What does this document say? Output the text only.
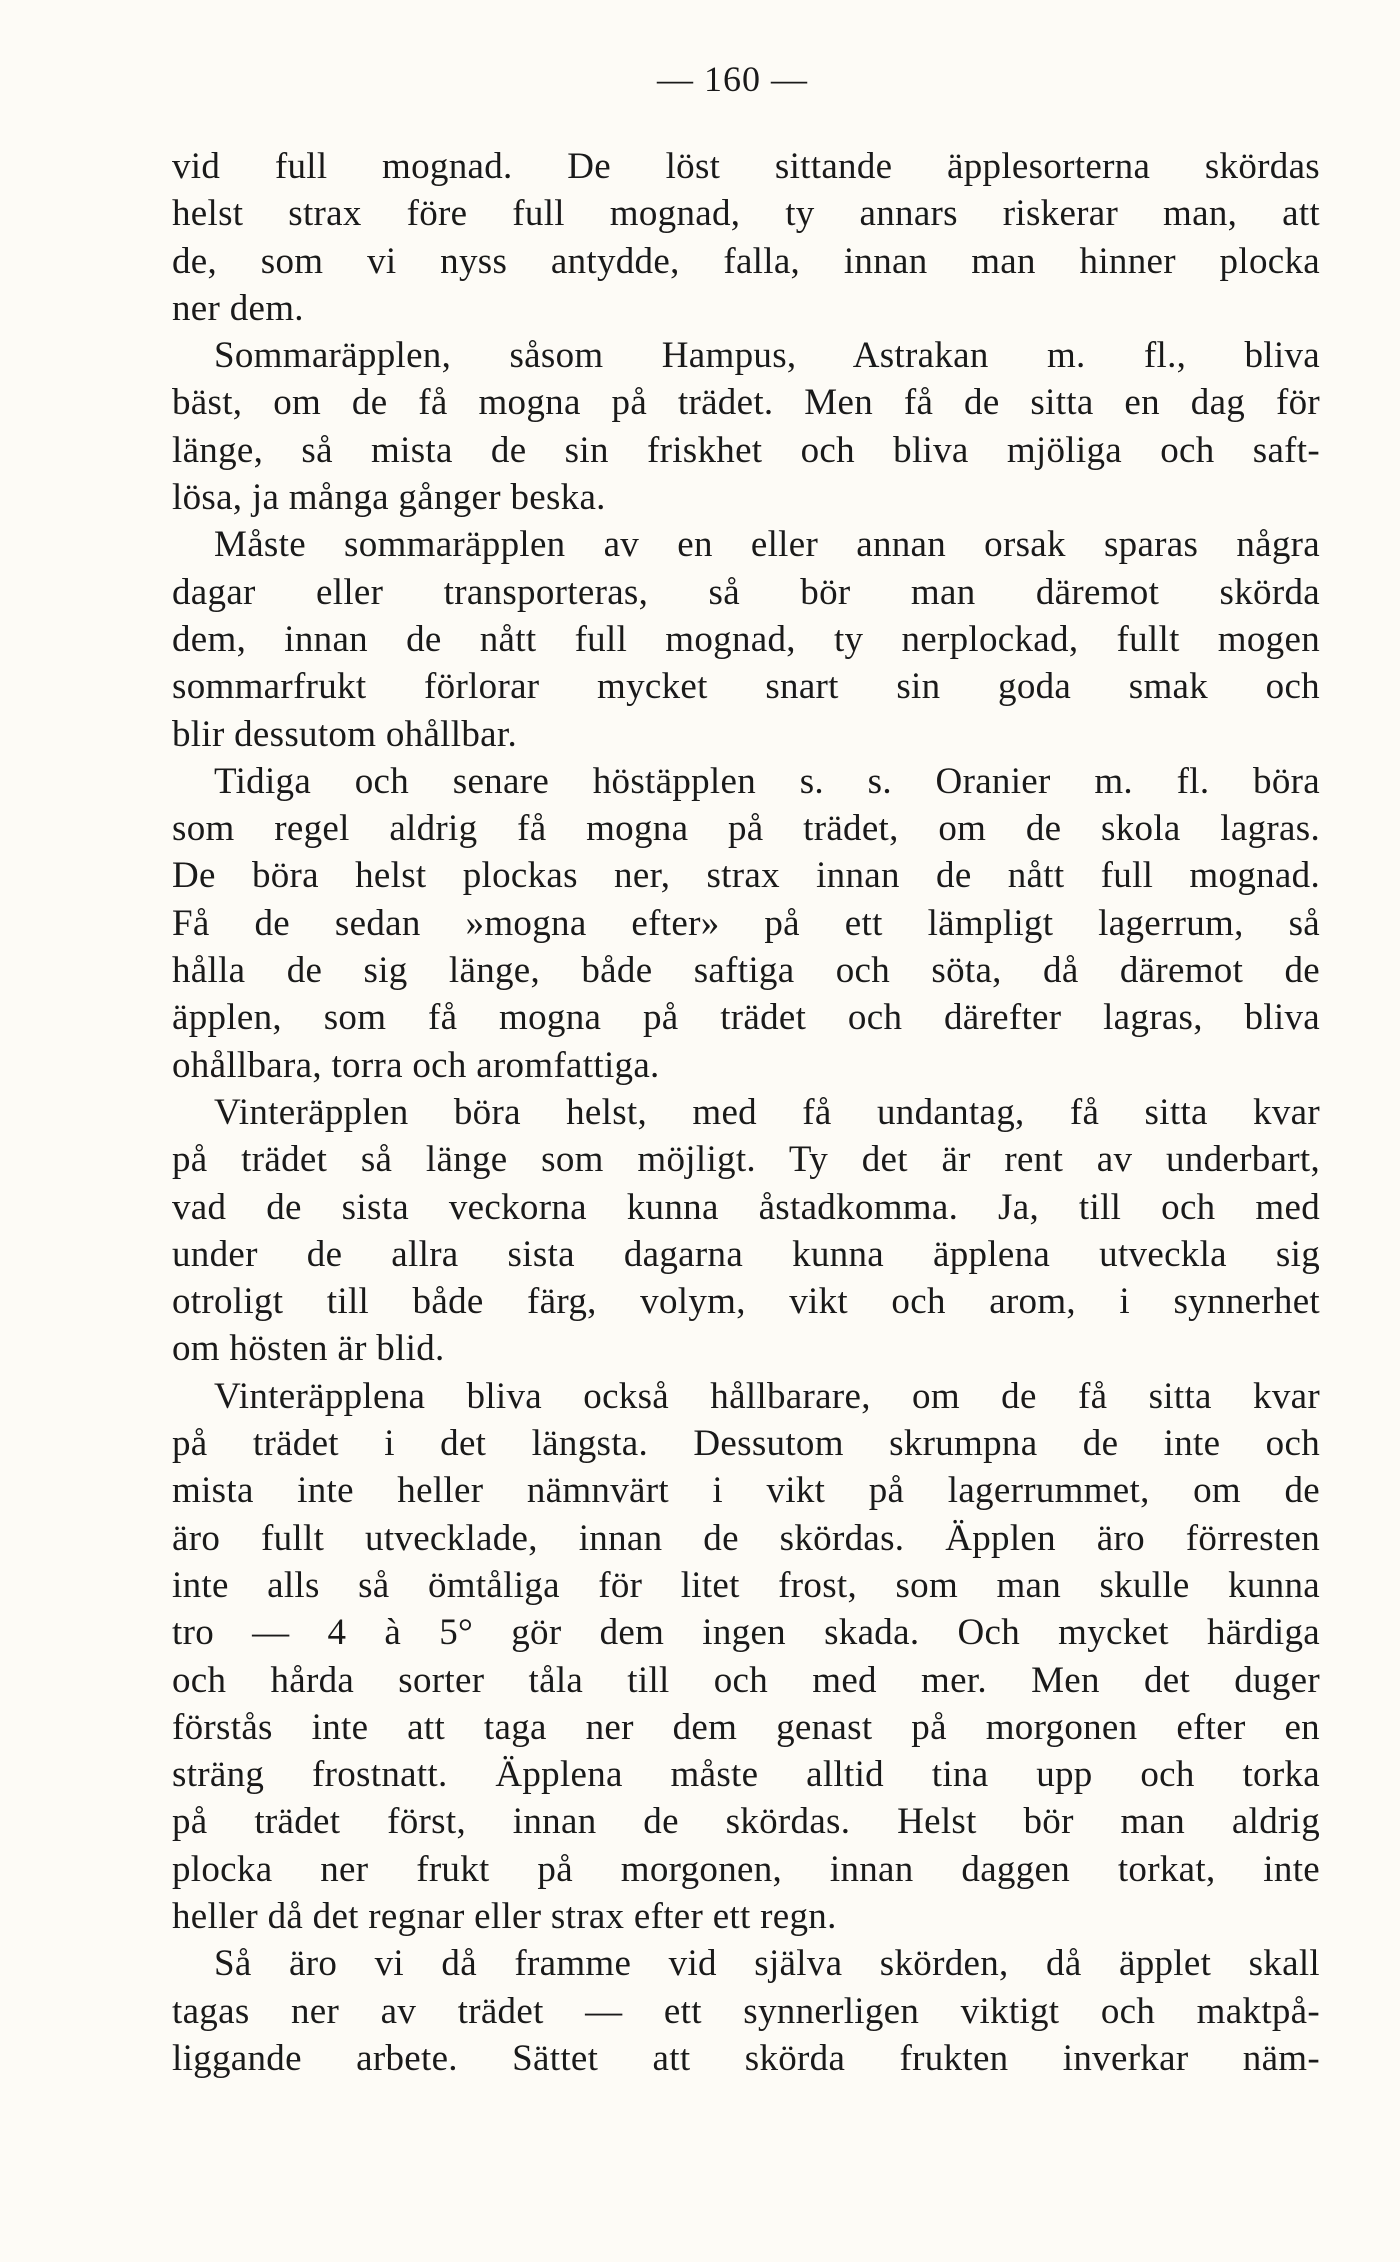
— 160 —
vid full mognad. De löst sittande äpplesorterna skördas
helst strax före full mognad, ty annars riskerar man, att
de, som vi nyss antydde, falla, innan man hinner plocka
ner dem.
Sommaräpplen, såsom Hampus, Astrakan m. fl., bliva
bäst, om de få mogna på trädet. Men få de sitta en dag för
länge, så mista de sin friskhet och bliva mjöliga och saft-
lösa, ja många gånger beska.
Måste sommaräpplen av en eller annan orsak sparas några
dagar eller transporteras, så bör man däremot skörda
dem, innan de nått full mognad, ty nerplockad, fullt mogen
sommarfrukt förlorar mycket snart sin goda smak och
blir dessutom ohållbar.
Tidiga och senare höstäpplen s. s. Oranier m. fl. böra
som regel aldrig få mogna på trädet, om de skola lagras.
De böra helst plockas ner, strax innan de nått full mognad.
Få de sedan »mogna efter» på ett lämpligt lagerrum, så
hålla de sig länge, både saftiga och söta, då däremot de
äpplen, som få mogna på trädet och därefter lagras, bliva
ohållbara, torra och aromfattiga.
Vinteräpplen böra helst, med få undantag, få sitta kvar
på trädet så länge som möjligt. Ty det är rent av underbart,
vad de sista veckorna kunna åstadkomma. Ja, till och med
under de allra sista dagarna kunna äpplena utveckla sig
otroligt till både färg, volym, vikt och arom, i synnerhet
om hösten är blid.
Vinteräpplena bliva också hållbarare, om de få sitta kvar
på trädet i det längsta. Dessutom skrumpna de inte och
mista inte heller nämnvärt i vikt på lagerrummet, om de
äro fullt utvecklade, innan de skördas. Äpplen äro förresten
inte alls så ömtåliga för litet frost, som man skulle kunna
tro — 4 à 5° gör dem ingen skada. Och mycket härdiga
och hårda sorter tåla till och med mer. Men det duger
förstås inte att taga ner dem genast på morgonen efter en
sträng frostnatt. Äpplena måste alltid tina upp och torka
på trädet först, innan de skördas. Helst bör man aldrig
plocka ner frukt på morgonen, innan daggen torkat, inte
heller då det regnar eller strax efter ett regn.
Så äro vi då framme vid själva skörden, då äpplet skall
tagas ner av trädet — ett synnerligen viktigt och maktpå-
liggande arbete. Sättet att skörda frukten inverkar näm-
